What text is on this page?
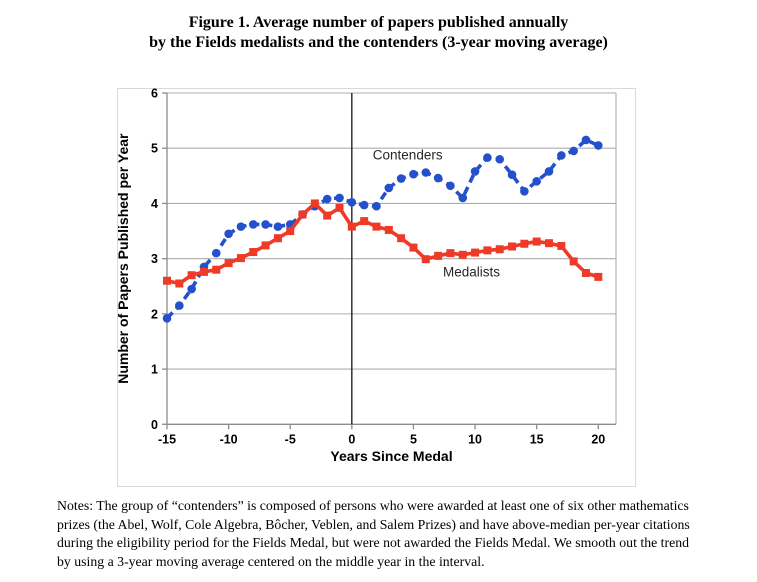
Figure 1. Average number of papers published annually
by the Fields medalists and the contenders (3-year moving average)
0
1
2
3
4
5
6
-15	-10	-5	0	5	10	15	20
Years Since Medal
Number of Papers Published per Year	Contenders
Medalists
Notes: The group of “contenders” is composed of persons who were awarded at least one of six other mathematics
prizes (the Abel, Wolf, Cole Algebra, Bôcher, Veblen, and Salem Prizes) and have above-median per-year citations
during the eligibility period for the Fields Medal, but were not awarded the Fields Medal. We smooth out the trend
by using a 3-year moving average centered on the middle year in the interval.
